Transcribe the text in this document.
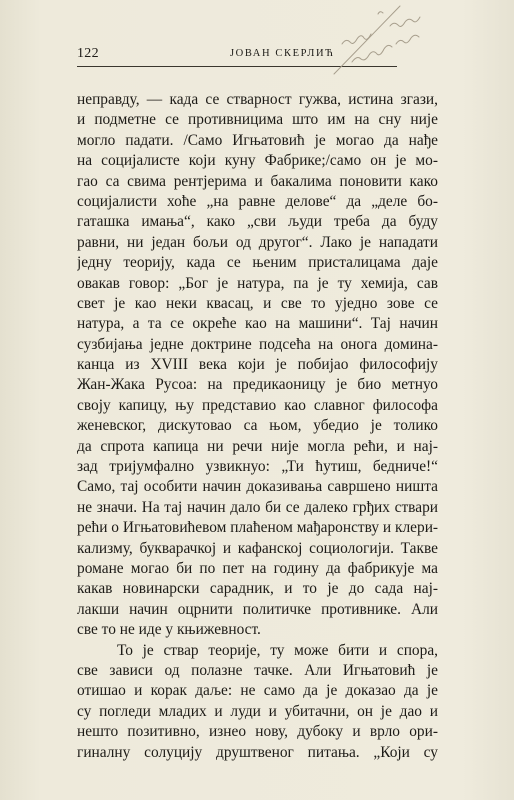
122	ЈОВАН СКЕРЛИЋ
неправду, — када се стварност гужва, истина згази,
и подметне се противницима што им на сну није
могло падати. /Само Игњатовић је могао да нађе
на социјалисте који куну Фабрике;/само он је мо-
гао са свима рентјерима и бакалима поновити како
социјалисти хоће „на равне делове“ да „деле бо-
гаташка имања“, како „сви људи треба да буду
равни, ни један бољи од другог“. Лако је нападати
једну теорију, када се њеним присталицама даје
овакав говор: „Бог је натура, па је ту хемија, сав
свет је као неки квасац, и све то уједно зове се
натура, а та се окреће као на машини“. Тај начин
сузбијања једне доктрине подсећа на онога домина-
канца из XVIII века који је побијао философију
Жан-Жака Русоа: на предикаоницу је био метнуо
своју капицу, њу представио као славног философа
женевског, дискутовао са њом, убедио је толико
да спрота капица ни речи није могла рећи, и нај-
зад тријумфално узвикнуо: „Ти ћутиш, бедниче!“
Само, тај особити начин доказивања савршено ништа
не значи. На тај начин дало би се далеко грђих ствари
рећи о Игњатовићевом плаћеном мађаронству и клери-
кализму, букварачкој и кафанској социологији. Такве
романе могао би по пет на годину да фабрикује ма
какав новинарски сарадник, и то је до сада нај-
лакши начин оцрнити политичке противнике. Али
све то не иде у књижевност.
То је ствар теорије, ту може бити и спора,
све зависи од полазне тачке. Али Игњатовић је
отишао и корак даље: не само да је доказао да је
су погледи младих и луди и убитачни, он је дао и
нешто позитивно, изнео нову, дубоку и врло ори-
гиналну солуцију друштвеног питања. „Који су
